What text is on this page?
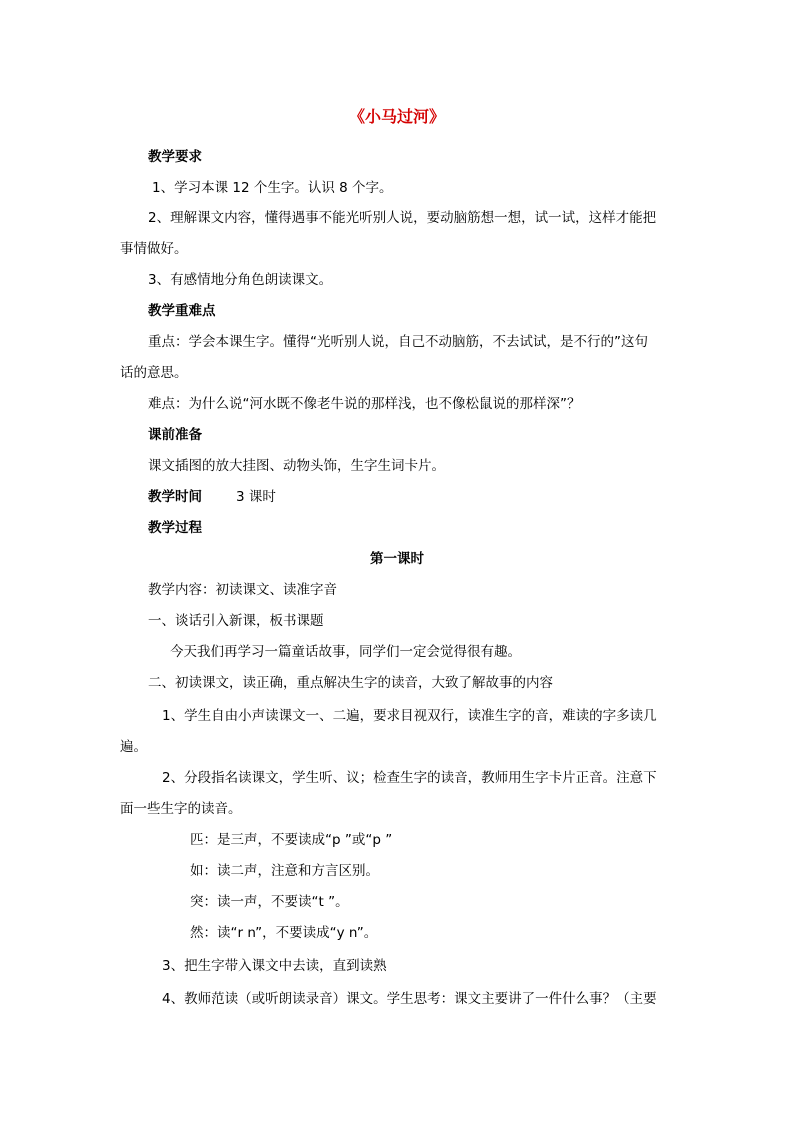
《小马过河》
教学要求
1、学习本课 12 个生字。认识 8 个字。
2、理解课文内容，懂得遇事不能光听别人说，要动脑筋想一想，试一试，这样才能把
事情做好。
3、有感情地分角色朗读课文。
教学重难点
重点：学会本课生字。懂得“光听别人说，自己不动脑筋，不去试试，是不行的”这句
话的意思。
难点：为什么说“河水既不像老牛说的那样浅，也不像松鼠说的那样深”？
课前准备
课文插图的放大挂图、动物头饰，生字生词卡片。
教学时间	3 课时
教学过程
第一课时
教学内容：初读课文、读准字音
一、谈话引入新课，板书课题
今天我们再学习一篇童话故事，同学们一定会觉得很有趣。
二、初读课文，读正确，重点解决生字的读音，大致了解故事的内容
1、学生自由小声读课文一、二遍，要求目视双行，读准生字的音，难读的字多读几
遍。
2、分段指名读课文，学生听、议；检查生字的读音，教师用生字卡片正音。注意下
面一些生字的读音。
匹：是三声，不要读成“p ”或“p ”
如：读二声，注意和方言区别。
突：读一声，不要读“t ”。
然：读“r n”，不要读成“y n”。
3、把生字带入课文中去读，直到读熟
4、教师范读（或听朗读录音）课文。学生思考：课文主要讲了一件什么事？（主要
